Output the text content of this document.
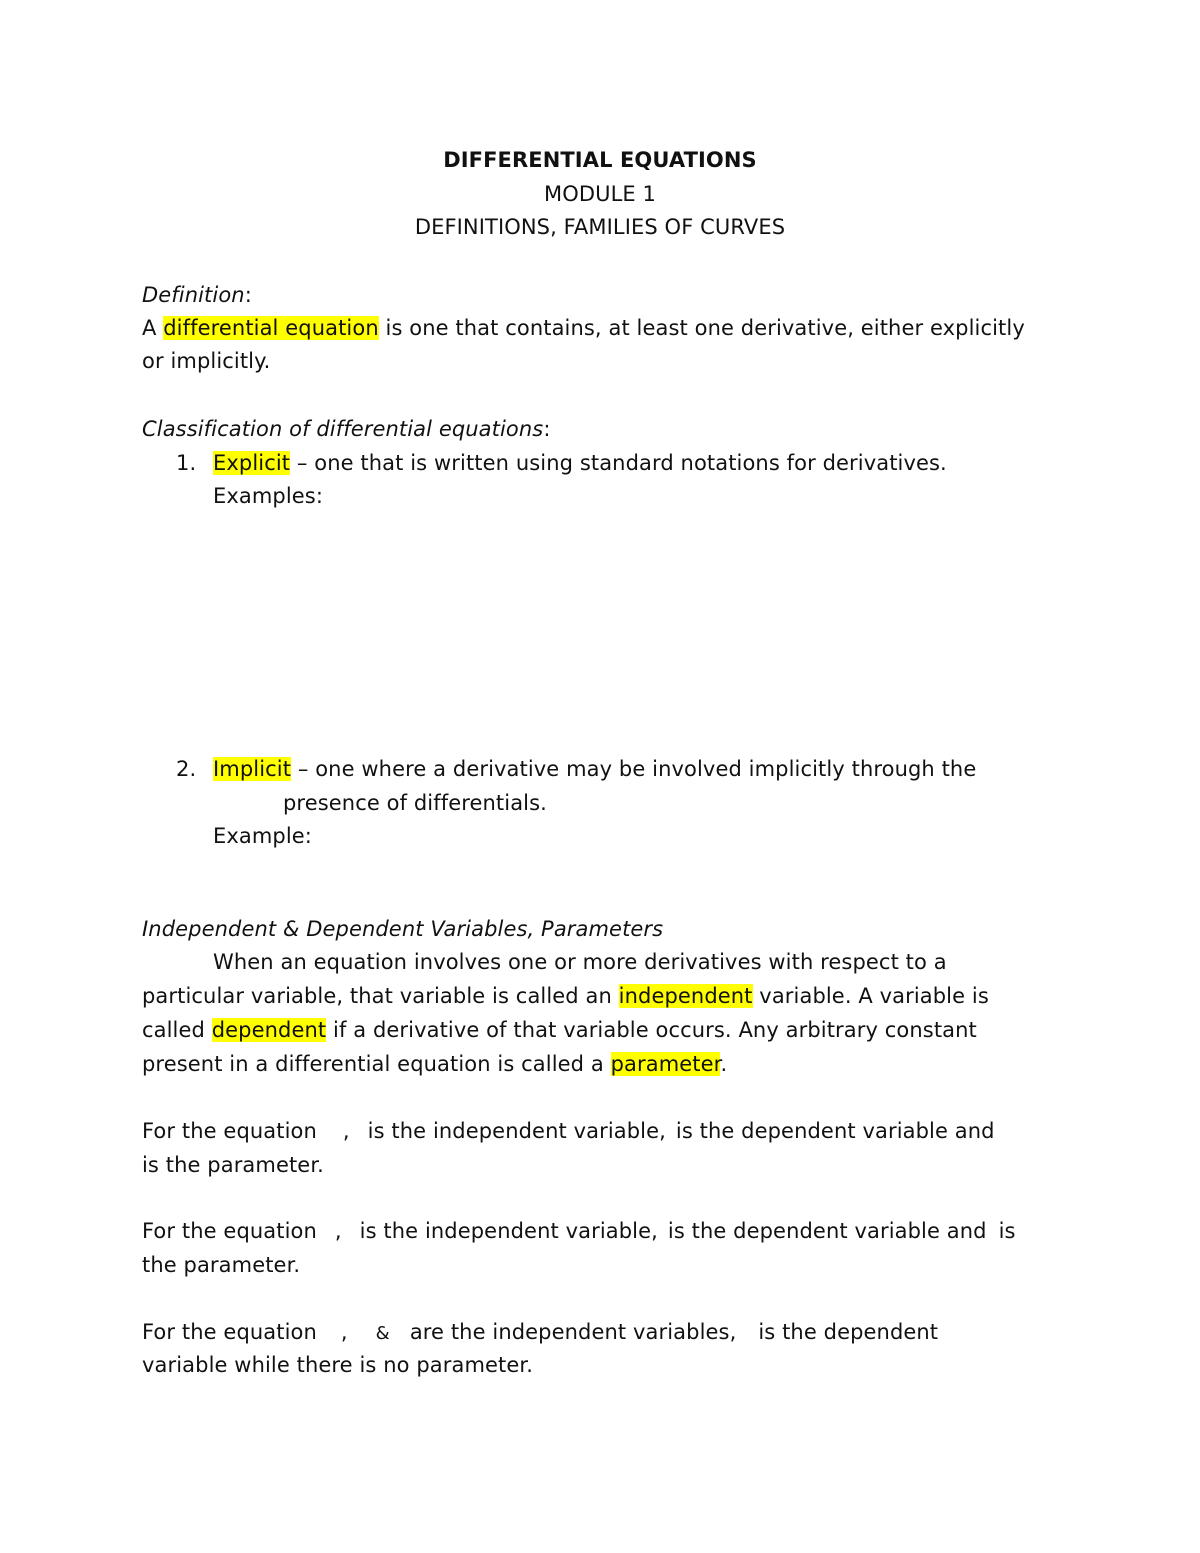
DIFFERENTIAL EQUATIONS
MODULE 1
DEFINITIONS, FAMILIES OF CURVES
Definition:
A differential equation is one that contains, at least one derivative, either explicitly
or implicitly.
Classification of differential equations:
1. Explicit – one that is written using standard notations for derivatives.
Examples:
2. Implicit – one where a derivative may be involved implicitly through the
presence of differentials.
Example:
Independent & Dependent Variables, Parameters
When an equation involves one or more derivatives with respect to a
particular variable, that variable is called an independent variable. A variable is
called dependent if a derivative of that variable occurs. Any arbitrary constant
present in a differential equation is called a parameter.
For the equation , is the independent variable, is the dependent variable and
is the parameter.
For the equation , is the independent variable, is the dependent variable and is
the parameter.
For the equation , & are the independent variables, is the dependent
variable while there is no parameter.
